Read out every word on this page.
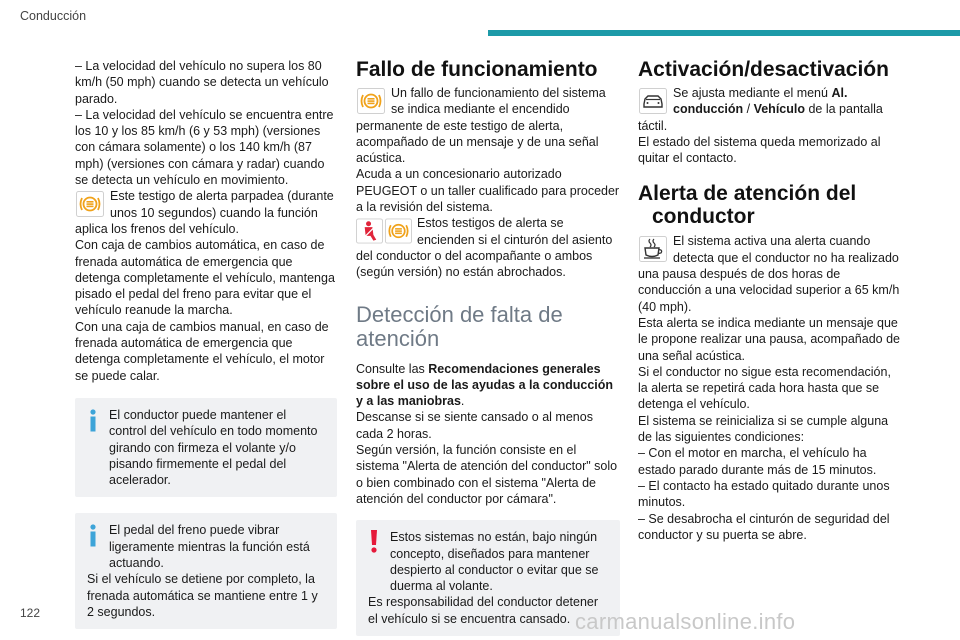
Conducción

– La velocidad del vehículo no supera los 80 km/h (50 mph) cuando se detecta un vehículo parado.

– La velocidad del vehículo se encuentra entre los 10 y los 85 km/h (6 y 53 mph) (versiones con cámara solamente) o los 140 km/h (87 mph) (versiones con cámara y radar) cuando se detecta un vehículo en movimiento.

Este testigo de alerta parpadea (durante unos 10 segundos) cuando la función aplica los frenos del vehículo.

Con caja de cambios automática, en caso de frenada automática de emergencia que detenga completamente el vehículo, mantenga pisado el pedal del freno para evitar que el vehículo reanude la marcha.

Con una caja de cambios manual, en caso de frenada automática de emergencia que detenga completamente el vehículo, el motor se puede calar.

El conductor puede mantener el control del vehículo en todo momento girando con firmeza el volante y/o pisando firmemente el pedal del acelerador.

El pedal del freno puede vibrar ligeramente mientras la función está actuando.

Si el vehículo se detiene por completo, la frenada automática se mantiene entre 1 y 2 segundos.

Fallo de funcionamiento

Un fallo de funcionamiento del sistema se indica mediante el encendido permanente de este testigo de alerta, acompañado de un mensaje y de una señal acústica.

Acuda a un concesionario autorizado PEUGEOT o un taller cualificado para proceder a la revisión del sistema.

Estos testigos de alerta se encienden si el cinturón del asiento del conductor o del acompañante o ambos (según versión) no están abrochados.

Detección de falta de
atención

Consulte las Recomendaciones generales sobre el uso de las ayudas a la conducción y a las maniobras.

Descanse si se siente cansado o al menos cada 2 horas.

Según versión, la función consiste en el sistema "Alerta de atención del conductor" solo o bien combinado con el sistema "Alerta de atención del conductor por cámara".

Estos sistemas no están, bajo ningún concepto, diseñados para mantener despierto al conductor o evitar que se duerma al volante.

Es responsabilidad del conductor detener el vehículo si se encuentra cansado.

Activación/desactivación

Se ajusta mediante el menú Al. conducción / Vehículo de la pantalla táctil.

El estado del sistema queda memorizado al quitar el contacto.

Alerta de atención del
conductor

El sistema activa una alerta cuando detecta que el conductor no ha realizado una pausa después de dos horas de conducción a una velocidad superior a 65 km/h (40 mph).

Esta alerta se indica mediante un mensaje que le propone realizar una pausa, acompañado de una señal acústica.

Si el conductor no sigue esta recomendación, la alerta se repetirá cada hora hasta que se detenga el vehículo.

El sistema se reinicializa si se cumple alguna de las siguientes condiciones:

– Con el motor en marcha, el vehículo ha estado parado durante más de 15 minutos.

– El contacto ha estado quitado durante unos minutos.

– Se desabrocha el cinturón de seguridad del conductor y su puerta se abre.

122	carmanualsonline.info
